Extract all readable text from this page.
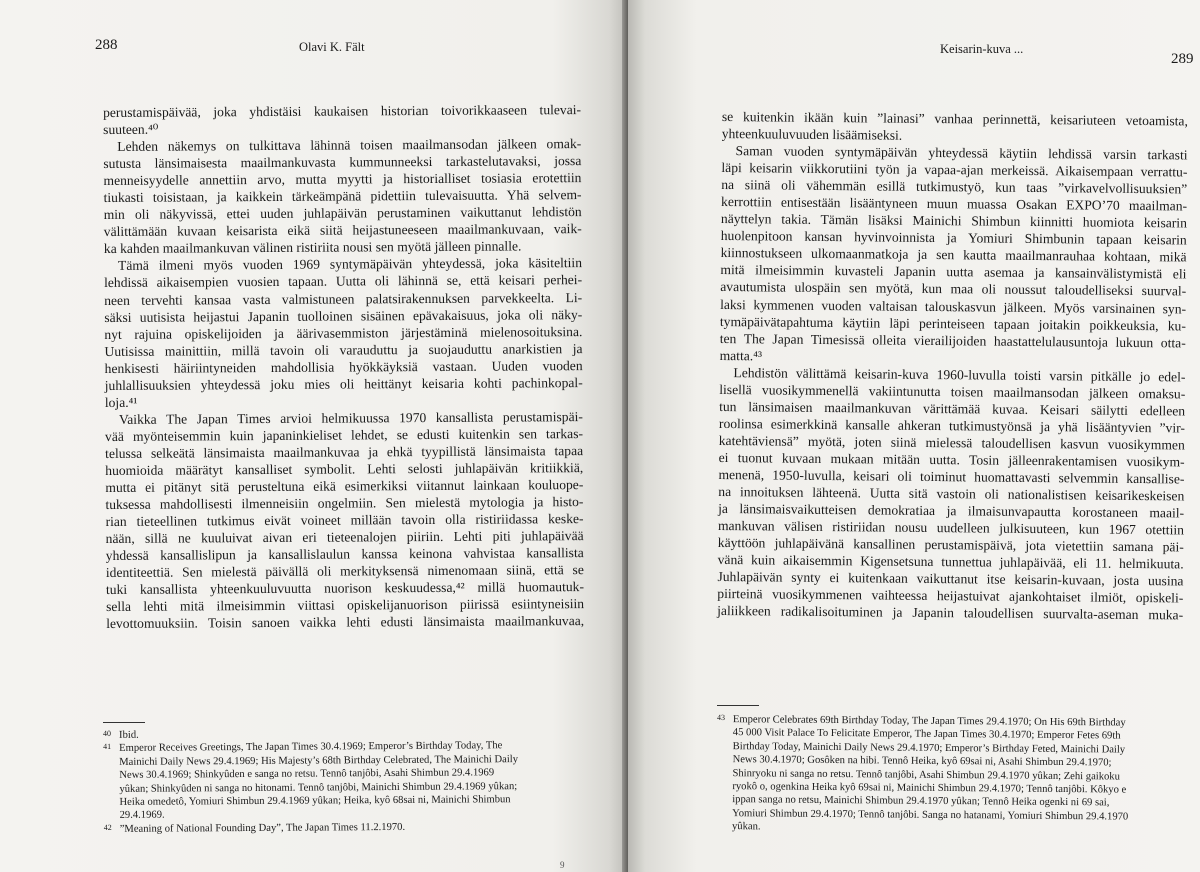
288	Olavi K. Fält	Keisarin-kuva ...
289
perustamispäivää, joka yhdistäisi kaukaisen historian toivorikkaaseen tulevai-
suuteen.⁴⁰
Lehden näkemys on tulkittava lähinnä toisen maailmansodan jälkeen omak-
sutusta länsimaisesta maailmankuvasta kummunneeksi tarkastelutavaksi, jossa
menneisyydelle annettiin arvo, mutta myytti ja historialliset tosiasia erotettiin
tiukasti toisistaan, ja kaikkein tärkeämpänä pidettiin tulevaisuutta. Yhä selvem-
min oli näkyvissä, ettei uuden juhlapäivän perustaminen vaikuttanut lehdistön
välittämään kuvaan keisarista eikä siitä heijastuneeseen maailmankuvaan, vaik-
ka kahden maailmankuvan välinen ristiriita nousi sen myötä jälleen pinnalle.
Tämä ilmeni myös vuoden 1969 syntymäpäivän yhteydessä, joka käsiteltiin
lehdissä aikaisempien vuosien tapaan. Uutta oli lähinnä se, että keisari perhei-
neen tervehti kansaa vasta valmistuneen palatsirakennuksen parvekkeelta. Li-
säksi uutisista heijastui Japanin tuolloinen sisäinen epävakaisuus, joka oli näky-
nyt rajuina opiskelijoiden ja äärivasemmiston järjestäminä mielenosoituksina.
Uutisissa mainittiin, millä tavoin oli varauduttu ja suojauduttu anarkistien ja
henkisesti häiriintyneiden mahdollisia hyökkäyksiä vastaan. Uuden vuoden
juhlallisuuksien yhteydessä joku mies oli heittänyt keisaria kohti pachinkopal-
loja.⁴¹
Vaikka The Japan Times arvioi helmikuussa 1970 kansallista perustamispäi-
vää myönteisemmin kuin japaninkieliset lehdet, se edusti kuitenkin sen tarkas-
telussa selkeätä länsimaista maailmankuvaa ja ehkä tyypillistä länsimaista tapaa
huomioida määrätyt kansalliset symbolit. Lehti selosti juhlapäivän kritiikkiä,
mutta ei pitänyt sitä perusteltuna eikä esimerkiksi viitannut lainkaan kouluope-
tuksessa mahdollisesti ilmenneisiin ongelmiin. Sen mielestä mytologia ja histo-
rian tieteellinen tutkimus eivät voineet millään tavoin olla ristiriidassa keske-
nään, sillä ne kuuluivat aivan eri tieteenalojen piiriin. Lehti piti juhlapäivää
yhdessä kansallislipun ja kansallislaulun kanssa keinona vahvistaa kansallista
identiteettiä. Sen mielestä päivällä oli merkityksensä nimenomaan siinä, että se
tuki kansallista yhteenkuuluvuutta nuorison keskuudessa,⁴² millä huomautuk-
sella lehti mitä ilmeisimmin viittasi opiskelijanuorison piirissä esiintyneisiin
levottomuuksiin. Toisin sanoen vaikka lehti edusti länsimaista maailmankuvaa,
se kuitenkin ikään kuin ”lainasi” vanhaa perinnettä, keisariuteen vetoamista,
yhteenkuuluvuuden lisäämiseksi.
Saman vuoden syntymäpäivän yhteydessä käytiin lehdissä varsin tarkasti
läpi keisarin viikkorutiini työn ja vapaa-ajan merkeissä. Aikaisempaan verrattu-
na siinä oli vähemmän esillä tutkimustyö, kun taas ”virkavelvollisuuksien”
kerrottiin entisestään lisääntyneen muun muassa Osakan EXPO’70 maailman-
näyttelyn takia. Tämän lisäksi Mainichi Shimbun kiinnitti huomiota keisarin
huolenpitoon kansan hyvinvoinnista ja Yomiuri Shimbunin tapaan keisarin
kiinnostukseen ulkomaanmatkoja ja sen kautta maailmanrauhaa kohtaan, mikä
mitä ilmeisimmin kuvasteli Japanin uutta asemaa ja kansainvälistymistä eli
avautumista ulospäin sen myötä, kun maa oli noussut taloudelliseksi suurval-
laksi kymmenen vuoden valtaisan talouskasvun jälkeen. Myös varsinainen syn-
tymäpäivätapahtuma käytiin läpi perinteiseen tapaan joitakin poikkeuksia, ku-
ten The Japan Timesissä olleita vierailijoiden haastattelulausuntoja lukuun otta-
matta.⁴³
Lehdistön välittämä keisarin-kuva 1960-luvulla toisti varsin pitkälle jo edel-
lisellä vuosikymmenellä vakiintunutta toisen maailmansodan jälkeen omaksu-
tun länsimaisen maailmankuvan värittämää kuvaa. Keisari säilytti edelleen
roolinsa esimerkkinä kansalle ahkeran tutkimustyönsä ja yhä lisääntyvien ”vir-
katehtäviensä” myötä, joten siinä mielessä taloudellisen kasvun vuosikymmen
ei tuonut kuvaan mukaan mitään uutta. Tosin jälleenrakentamisen vuosikym-
menenä, 1950-luvulla, keisari oli toiminut huomattavasti selvemmin kansallise-
na innoituksen lähteenä. Uutta sitä vastoin oli nationalistisen keisarikeskeisen
ja länsimaisvaikutteisen demokratiaa ja ilmaisunvapautta korostaneen maail-
mankuvan välisen ristiriidan nousu uudelleen julkisuuteen, kun 1967 otettiin
käyttöön juhlapäivänä kansallinen perustamispäivä, jota vietettiin samana päi-
vänä kuin aikaisemmin Kigensetsuna tunnettua juhlapäivää, eli 11. helmikuuta.
Juhlapäivän synty ei kuitenkaan vaikuttanut itse keisarin-kuvaan, josta uusina
piirteinä vuosikymmenen vaihteessa heijastuivat ajankohtaiset ilmiöt, opiskeli-
jaliikkeen radikalisoituminen ja Japanin taloudellisen suurvalta-aseman muka-
40 Ibid.
41 Emperor Receives Greetings, The Japan Times 30.4.1969; Emperor’s Birthday Today, The
Mainichi Daily News 29.4.1969; His Majesty’s 68th Birthday Celebrated, The Mainichi Daily
News 30.4.1969; Shinkyûden e sanga no retsu. Tennô tanjôbi, Asahi Shimbun 29.4.1969
yûkan; Shinkyûden ni sanga no hitonami. Tennô tanjôbi, Mainichi Shimbun 29.4.1969 yûkan;
Heika omedetô, Yomiuri Shimbun 29.4.1969 yûkan; Heika, kyô 68sai ni, Mainichi Shimbun
29.4.1969.
42 ”Meaning of National Founding Day”, The Japan Times 11.2.1970.
43 Emperor Celebrates 69th Birthday Today, The Japan Times 29.4.1970; On His 69th Birthday
45 000 Visit Palace To Felicitate Emperor, The Japan Times 30.4.1970; Emperor Fetes 69th
Birthday Today, Mainichi Daily News 29.4.1970; Emperor’s Birthday Feted, Mainichi Daily
News 30.4.1970; Gosôken na hibi. Tennô Heika, kyô 69sai ni, Asahi Shimbun 29.4.1970;
Shinryoku ni sanga no retsu. Tennô tanjôbi, Asahi Shimbun 29.4.1970 yûkan; Zehi gaikoku
ryokô o, ogenkina Heika kyô 69sai ni, Mainichi Shimbun 29.4.1970; Tennô tanjôbi. Kôkyo e
ippan sanga no retsu, Mainichi Shimbun 29.4.1970 yûkan; Tennô Heika ogenki ni 69 sai,
Yomiuri Shimbun 29.4.1970; Tennô tanjôbi. Sanga no hatanami, Yomiuri Shimbun 29.4.1970
yûkan.
9
